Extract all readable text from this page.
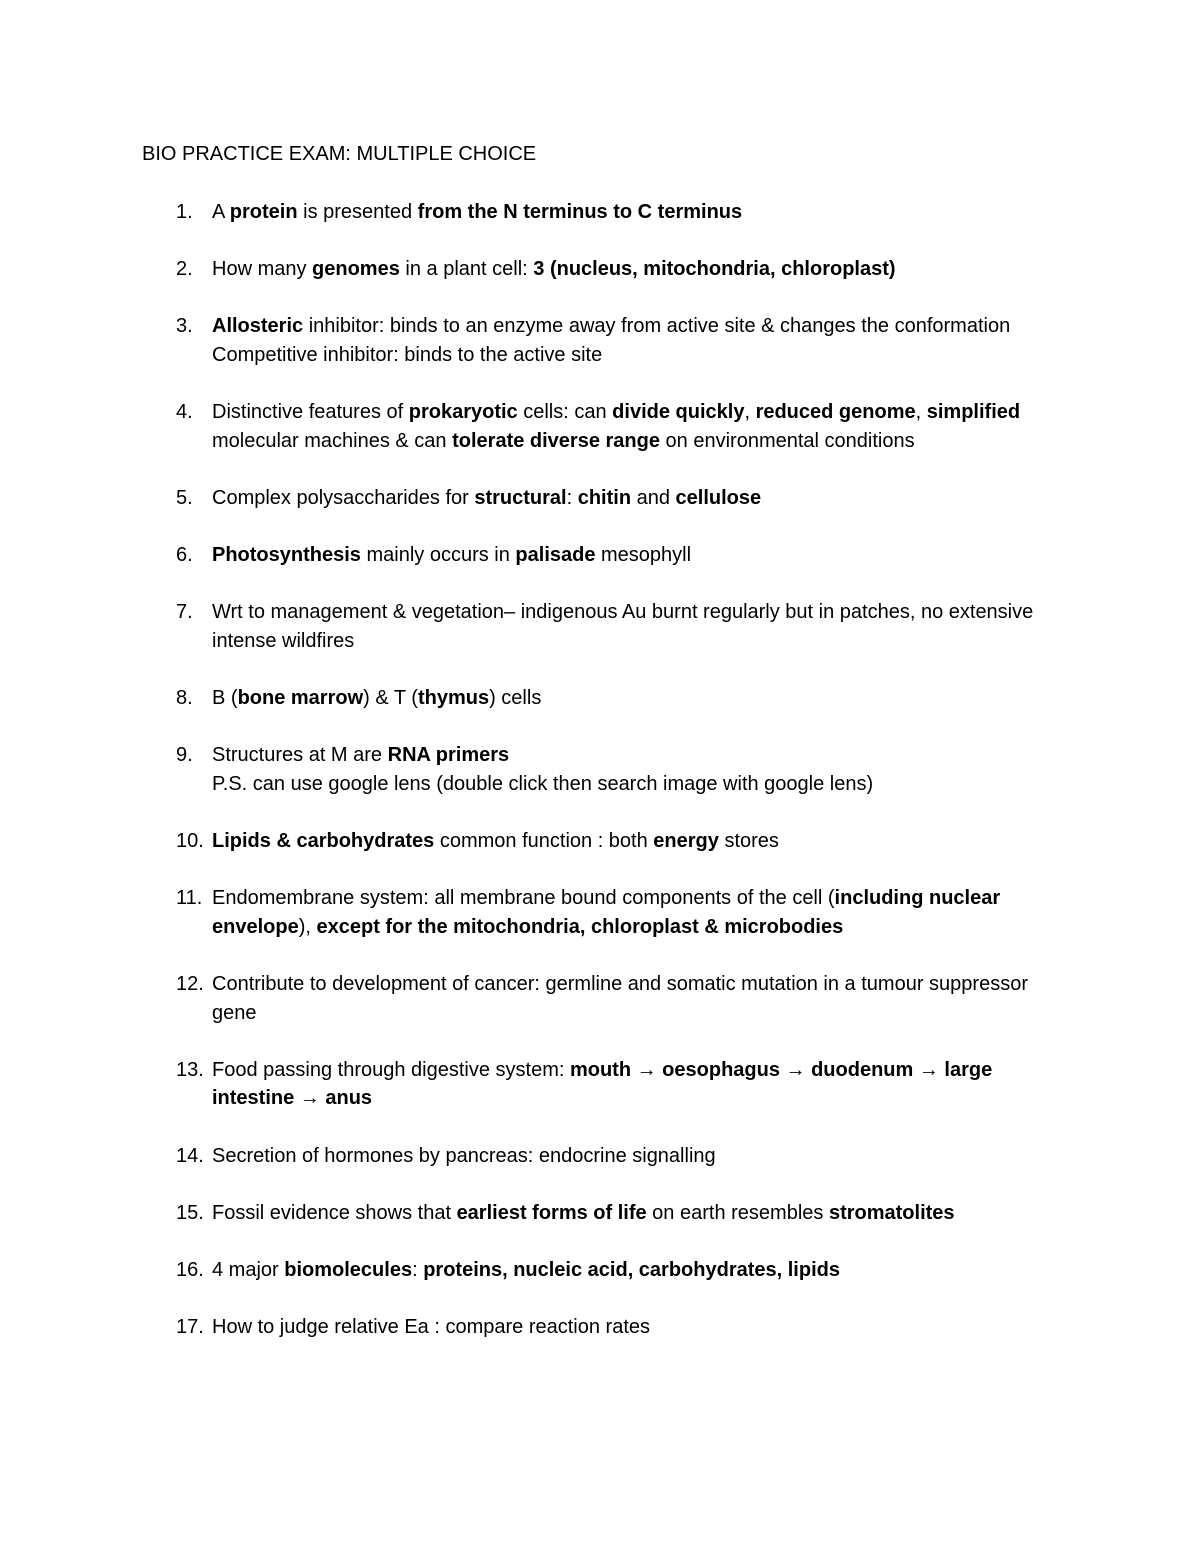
BIO PRACTICE EXAM: MULTIPLE CHOICE
1. A protein is presented from the N terminus to C terminus
2. How many genomes in a plant cell: 3 (nucleus, mitochondria, chloroplast)
3. Allosteric inhibitor: binds to an enzyme away from active site & changes the conformation
Competitive inhibitor: binds to the active site
4. Distinctive features of prokaryotic cells: can divide quickly, reduced genome, simplified molecular machines & can tolerate diverse range on environmental conditions
5. Complex polysaccharides for structural: chitin and cellulose
6. Photosynthesis mainly occurs in palisade mesophyll
7. Wrt to management & vegetation– indigenous Au burnt regularly but in patches, no extensive intense wildfires
8. B (bone marrow) & T (thymus) cells
9. Structures at M are RNA primers
P.S. can use google lens (double click then search image with google lens)
10. Lipids & carbohydrates common function : both energy stores
11. Endomembrane system: all membrane bound components of the cell (including nuclear envelope), except for the mitochondria, chloroplast & microbodies
12. Contribute to development of cancer: germline and somatic mutation in a tumour suppressor gene
13. Food passing through digestive system: mouth → oesophagus → duodenum → large intestine → anus
14. Secretion of hormones by pancreas: endocrine signalling
15. Fossil evidence shows that earliest forms of life on earth resembles stromatolites
16. 4 major biomolecules: proteins, nucleic acid, carbohydrates, lipids
17. How to judge relative Ea : compare reaction rates
